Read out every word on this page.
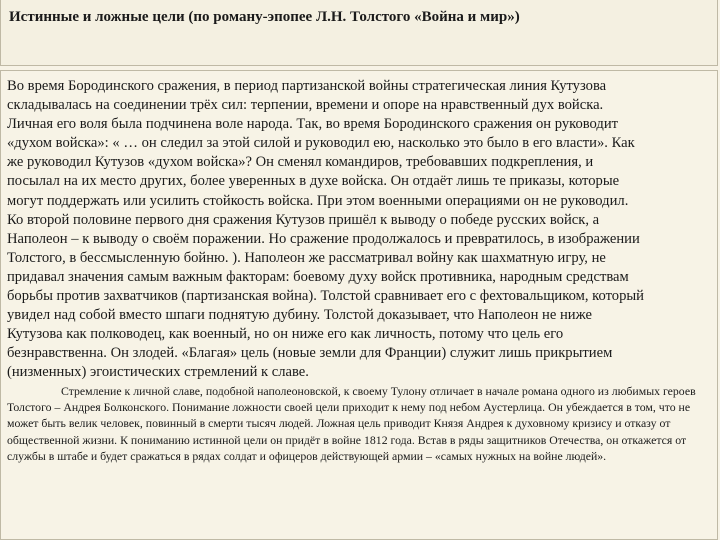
Истинные и ложные цели (по роману-эпопее Л.Н. Толстого «Война и мир»)

Во время Бородинского сражения, в период партизанской войны стратегическая линия Кутузова

складывалась на соединении трёх сил: терпении, времени и опоре на нравственный дух войска.

Личная его воля была подчинена воле народа. Так, во время Бородинского сражения он руководит

«духом войска»: « … он следил за этой силой и руководил ею, насколько это было в его власти». Как

же руководил Кутузов «духом войска»? Он сменял командиров, требовавших подкрепления, и

посылал на их место других, более уверенных в духе войска. Он отдаёт лишь те приказы, которые

могут поддержать или усилить стойкость войска. При этом военными операциями он не руководил.

Ко второй половине первого дня сражения Кутузов пришёл к выводу о победе русских войск, а

Наполеон – к выводу о своём поражении. Но сражение продолжалось и превратилось, в изображении

Толстого, в бессмысленную бойню. ). Наполеон же рассматривал войну как шахматную игру, не

придавал значения самым важным факторам: боевому духу войск противника, народным средствам

борьбы против захватчиков (партизанская война). Толстой сравнивает его с фехтовальщиком, который

увидел над собой вместо шпаги поднятую дубину. Толстой доказывает, что Наполеон не ниже

Кутузова как полководец, как военный, но он ниже его как личность, потому что цель его

безнравственна. Он злодей. «Благая» цель (новые земли для Франции) служит лишь прикрытием

(низменных) эгоистических стремлений к славе.

Стремление к личной славе, подобной наполеоновской, к своему Тулону отличает в начале романа одного из любимых героев Толстого – Андрея Болконского. Понимание ложности своей цели приходит к нему под небом Аустерлица. Он убеждается в том, что не может быть велик человек, повинный в смерти тысяч людей. Ложная цель приводит Князя Андрея к духовному кризису и отказу от общественной жизни. К пониманию истинной цели он придёт в войне 1812 года. Встав в ряды защитников Отечества, он откажется от службы в штабе и будет сражаться в рядах солдат и офицеров действующей армии – «самых нужных на войне людей».
